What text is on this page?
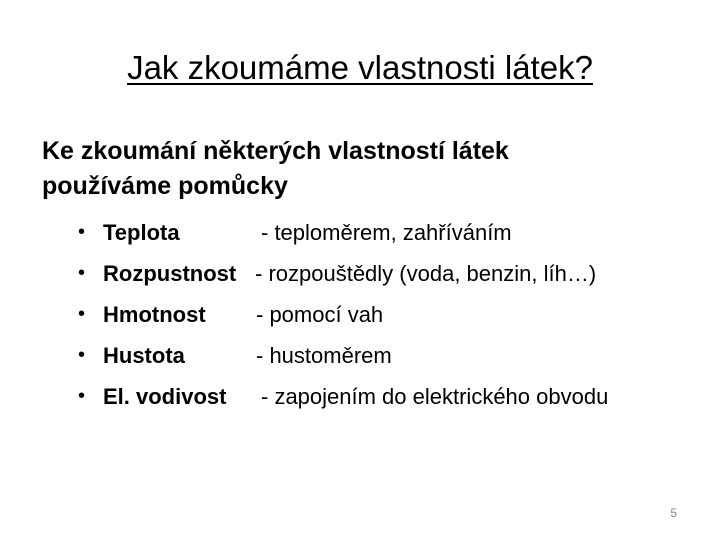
Jak zkoumáme vlastnosti látek?
Ke zkoumání některých vlastností látek
používáme pomůcky
• Teplota	- teploměrem, zahříváním
• Rozpustnost - rozpouštědly (voda, benzin, líh…)
• Hmotnost	- pomocí vah
• Hustota	- hustoměrem
• El. vodivost	- zapojením do elektrického obvodu
5
